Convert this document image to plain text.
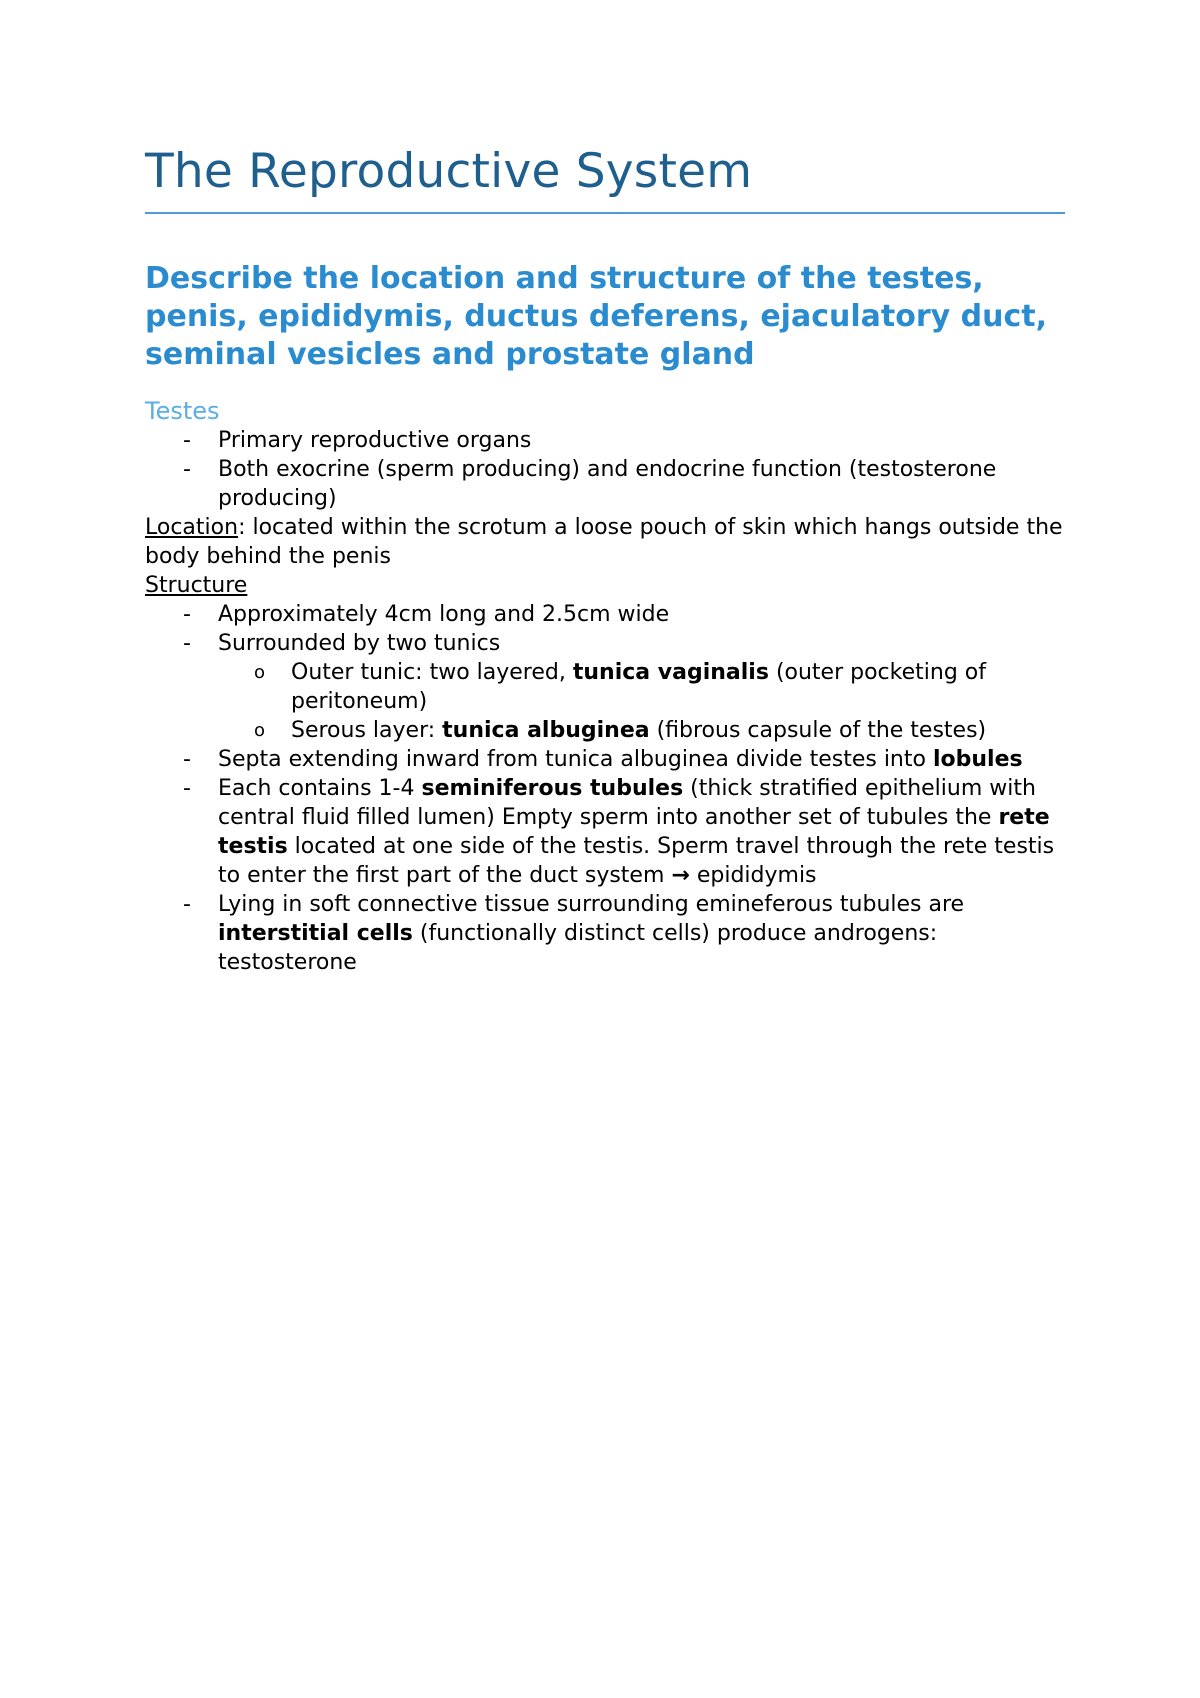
The Reproductive System
Describe the location and structure of the testes, penis, epididymis, ductus deferens, ejaculatory duct, seminal vesicles and prostate gland
Testes
- Primary reproductive organs
- Both exocrine (sperm producing) and endocrine function (testosterone producing)

Location: located within the scrotum a loose pouch of skin which hangs outside the body behind the penis

Structure

- Approximately 4cm long and 2.5cm wide
- Surrounded by two tunics
o Outer tunic: two layered, tunica vaginalis (outer pocketing of peritoneum)
o Serous layer: tunica albuginea (fibrous capsule of the testes)
- Septa extending inward from tunica albuginea divide testes into lobules
- Each contains 1-4 seminiferous tubules (thick stratified epithelium with central fluid filled lumen) Empty sperm into another set of tubules the rete testis located at one side of the testis. Sperm travel through the rete testis to enter the first part of the duct system → epididymis
- Lying in soft connective tissue surrounding emineferous tubules are interstitial cells (functionally distinct cells) produce androgens: testosterone
